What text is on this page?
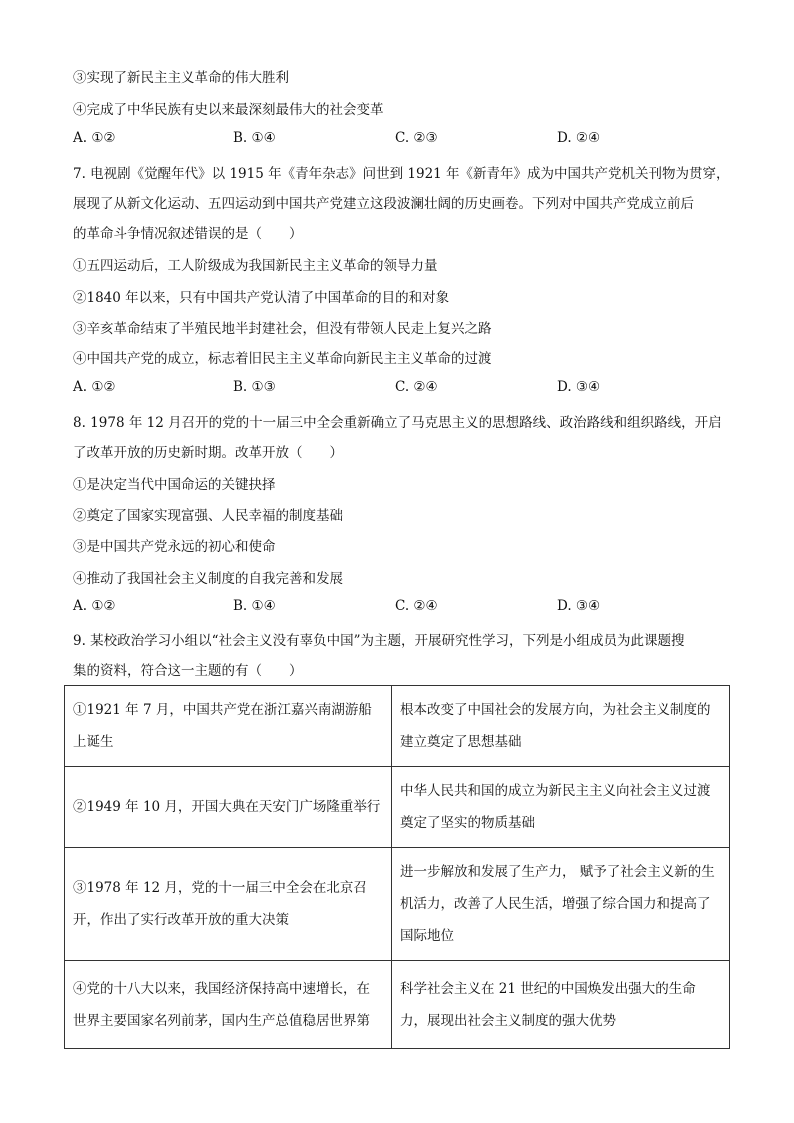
③实现了新民主主义革命的伟大胜利
④完成了中华民族有史以来最深刻最伟大的社会变革
A. ①②	B. ①④	C. ②③	D. ②④
7. 电视剧《觉醒年代》以 1915 年《青年杂志》问世到 1921 年《新青年》成为中国共产党机关刊物为贯穿，
展现了从新文化运动、五四运动到中国共产党建立这段波澜壮阔的历史画卷。下列对中国共产党成立前后
的革命斗争情况叙述错误的是（　　）
①五四运动后，工人阶级成为我国新民主主义革命的领导力量
②1840 年以来，只有中国共产党认清了中国革命的目的和对象
③辛亥革命结束了半殖民地半封建社会，但没有带领人民走上复兴之路
④中国共产党的成立，标志着旧民主主义革命向新民主主义革命的过渡
A. ①②	B. ①③	C. ②④	D. ③④
8. 1978 年 12 月召开的党的十一届三中全会重新确立了马克思主义的思想路线、政治路线和组织路线，开启
了改革开放的历史新时期。改革开放（　　）
①是决定当代中国命运的关键抉择
②奠定了国家实现富强、人民幸福的制度基础
③是中国共产党永远的初心和使命
④推动了我国社会主义制度的自我完善和发展
A. ①②	B. ①④	C. ②④	D. ③④
9. 某校政治学习小组以“社会主义没有辜负中国”为主题，开展研究性学习，下列是小组成员为此课题搜
集的资料，符合这一主题的有（　　）
①1921 年 7 月，中国共产党在浙江嘉兴南湖游船上诞生	根本改变了中国社会的发展方向，为社会主义制度的建立奠定了思想基础
②1949 年 10 月，开国大典在天安门广场隆重举行	中华人民共和国的成立为新民主主义向社会主义过渡奠定了坚实的物质基础
③1978 年 12 月，党的十一届三中全会在北京召开，作出了实行改革开放的重大决策	进一步解放和发展了生产力， 赋予了社会主义新的生机活力，改善了人民生活，增强了综合国力和提高了国际地位
④党的十八大以来，我国经济保持高中速增长，在世界主要国家名列前茅，国内生产总值稳居世界第	科学社会主义在 21 世纪的中国焕发出强大的生命力，展现出社会主义制度的强大优势
